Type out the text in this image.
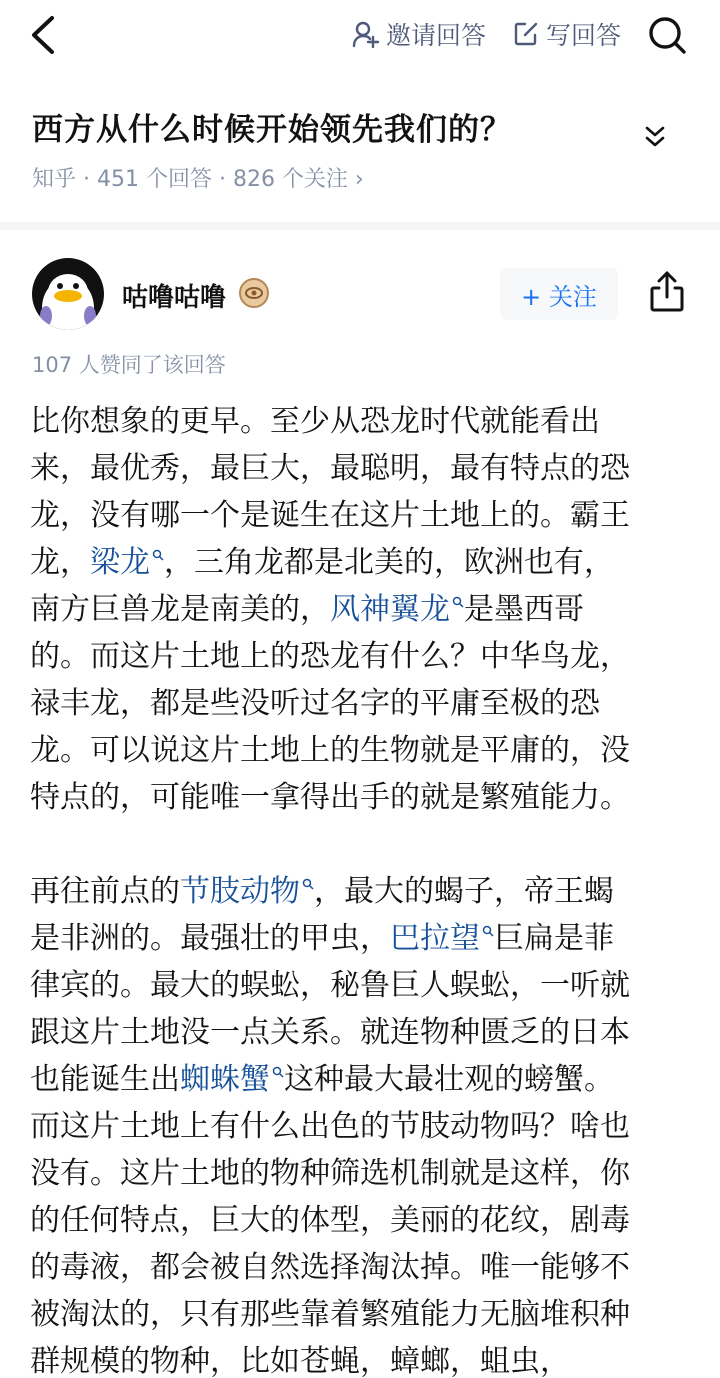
邀请回答 写回答
西方从什么时候开始领先我们的？
知乎 · 451 个回答 · 826 个关注 ›
咕噜咕噜	+ 关注
107 人赞同了该回答
比你想象的更早。至少从恐龙时代就能看出
来，最优秀，最巨大，最聪明，最有特点的恐
龙，没有哪一个是诞生在这片土地上的。霸王
龙，梁龙 ，三角龙都是北美的，欧洲也有，
南方巨兽龙是南美的，风神翼龙 是墨西哥
的。而这片土地上的恐龙有什么？中华鸟龙，
禄丰龙，都是些没听过名字的平庸至极的恐
龙。可以说这片土地上的生物就是平庸的，没
特点的，可能唯一拿得出手的就是繁殖能力。
再往前点的节肢动物 ，最大的蝎子，帝王蝎
是非洲的。最强壮的甲虫，巴拉望 巨扁是菲
律宾的。最大的蜈蚣，秘鲁巨人蜈蚣，一听就
跟这片土地没一点关系。就连物种匮乏的日本
也能诞生出蜘蛛蟹 这种最大最壮观的螃蟹。
而这片土地上有什么出色的节肢动物吗？啥也
没有。这片土地的物种筛选机制就是这样，你
的任何特点，巨大的体型，美丽的花纹，剧毒
的毒液，都会被自然选择淘汰掉。唯一能够不
被淘汰的，只有那些靠着繁殖能力无脑堆积种
群规模的物种，比如苍蝇，蟑螂，蛆虫，
